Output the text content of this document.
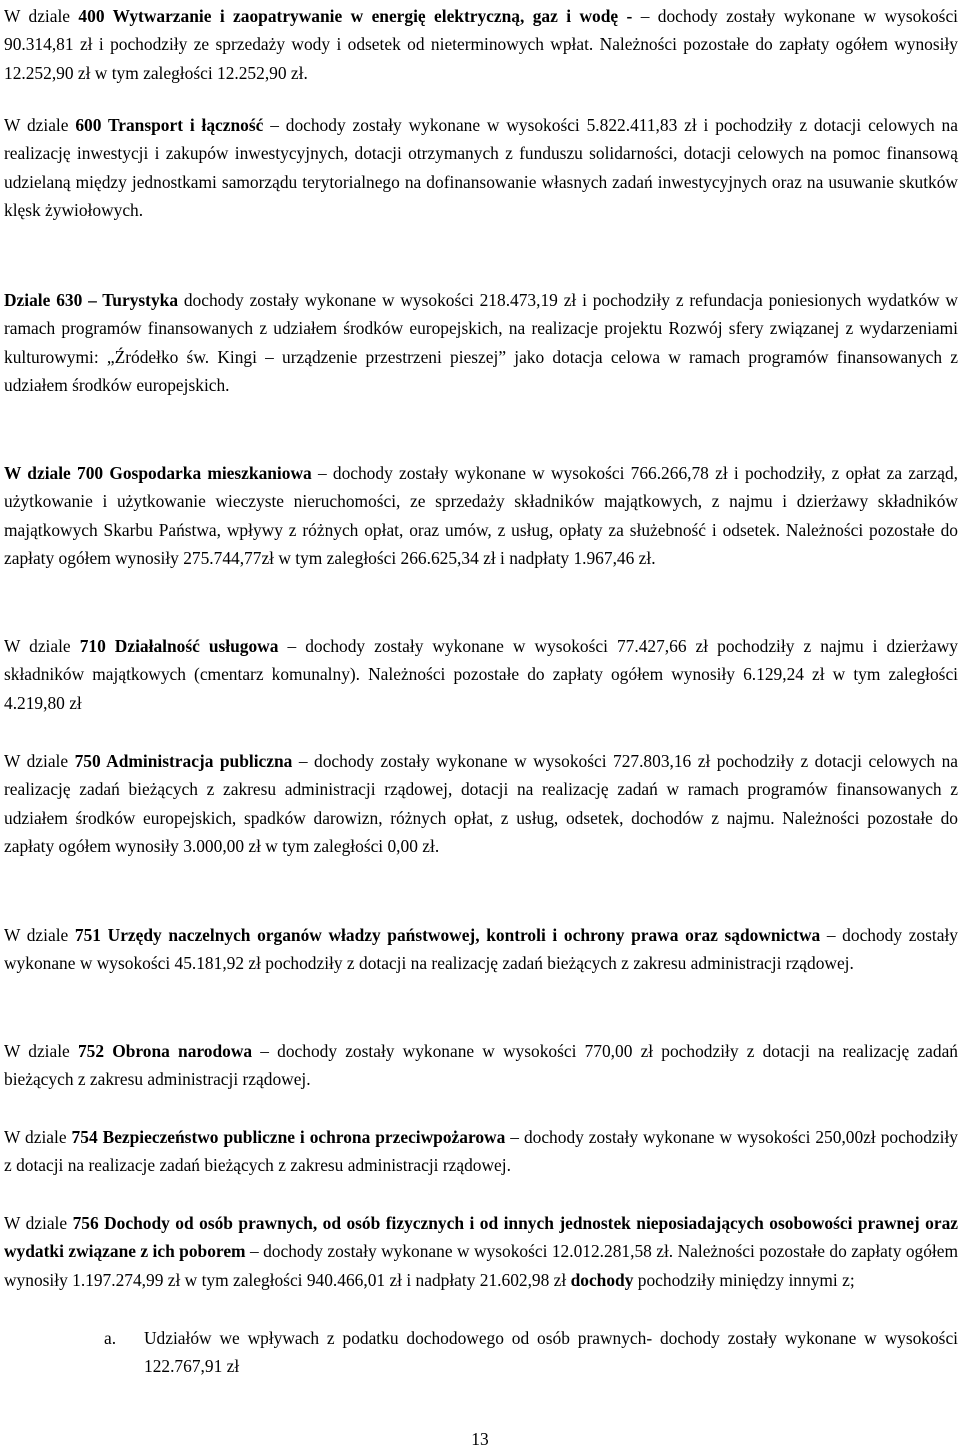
W dziale 400 Wytwarzanie i zaopatrywanie w energię elektryczną, gaz i wodę - – dochody zostały wykonane w wysokości 90.314,81 zł i pochodziły ze sprzedaży wody i odsetek od nieterminowych wpłat. Należności pozostałe do zapłaty ogółem wynosiły 12.252,90 zł w tym zaległości 12.252,90 zł.

W dziale 600 Transport i łączność – dochody zostały wykonane w wysokości 5.822.411,83 zł i pochodziły z dotacji celowych na realizację inwestycji i zakupów inwestycyjnych, dotacji otrzymanych z funduszu solidarności, dotacji celowych na pomoc finansową udzielaną między jednostkami samorządu terytorialnego na dofinansowanie własnych zadań inwestycyjnych oraz na usuwanie skutków klęsk żywiołowych.

Dziale 630 – Turystyka dochody zostały wykonane w wysokości 218.473,19 zł i pochodziły z refundacja poniesionych wydatków w ramach programów finansowanych z udziałem środków europejskich, na realizacje projektu Rozwój sfery związanej z wydarzeniami kulturowymi: „Źródełko św. Kingi – urządzenie przestrzeni pieszej” jako dotacja celowa w ramach programów finansowanych z udziałem środków europejskich.

W dziale 700 Gospodarka mieszkaniowa – dochody zostały wykonane w wysokości 766.266,78 zł i pochodziły, z opłat za zarząd, użytkowanie i użytkowanie wieczyste nieruchomości, ze sprzedaży składników majątkowych, z najmu i dzierżawy składników majątkowych Skarbu Państwa, wpływy z różnych opłat, oraz umów, z usług, opłaty za służebność i odsetek. Należności pozostałe do zapłaty ogółem wynosiły 275.744,77zł w tym zaległości 266.625,34 zł i nadpłaty 1.967,46 zł.

W dziale 710 Działalność usługowa – dochody zostały wykonane w wysokości 77.427,66 zł pochodziły z najmu i dzierżawy składników majątkowych (cmentarz komunalny). Należności pozostałe do zapłaty ogółem wynosiły 6.129,24 zł w tym zaległości 4.219,80 zł

W dziale 750 Administracja publiczna – dochody zostały wykonane w wysokości 727.803,16 zł pochodziły z dotacji celowych na realizację zadań bieżących z zakresu administracji rządowej, dotacji na realizację zadań w ramach programów finansowanych z udziałem środków europejskich, spadków darowizn, różnych opłat, z usług, odsetek, dochodów z najmu. Należności pozostałe do zapłaty ogółem wynosiły 3.000,00 zł w tym zaległości 0,00 zł.

W dziale 751 Urzędy naczelnych organów władzy państwowej, kontroli i ochrony prawa oraz sądownictwa – dochody zostały wykonane w wysokości 45.181,92 zł pochodziły z dotacji na realizację zadań bieżących z zakresu administracji rządowej.

W dziale 752 Obrona narodowa – dochody zostały wykonane w wysokości 770,00 zł pochodziły z dotacji na realizację zadań bieżących z zakresu administracji rządowej.

W dziale 754 Bezpieczeństwo publiczne i ochrona przeciwpożarowa – dochody zostały wykonane w wysokości 250,00zł pochodziły z dotacji na realizacje zadań bieżących z zakresu administracji rządowej.

W dziale 756 Dochody od osób prawnych, od osób fizycznych i od innych jednostek nieposiadających osobowości prawnej oraz wydatki związane z ich poborem – dochody zostały wykonane w wysokości 12.012.281,58 zł. Należności pozostałe do zapłaty ogółem wynosiły 1.197.274,99 zł w tym zaległości 940.466,01 zł i nadpłaty 21.602,98 zł dochody pochodziły miniędzy innymi z;

a. Udziałów we wpływach z podatku dochodowego od osób prawnych- dochody zostały wykonane w wysokości 122.767,91 zł
13
